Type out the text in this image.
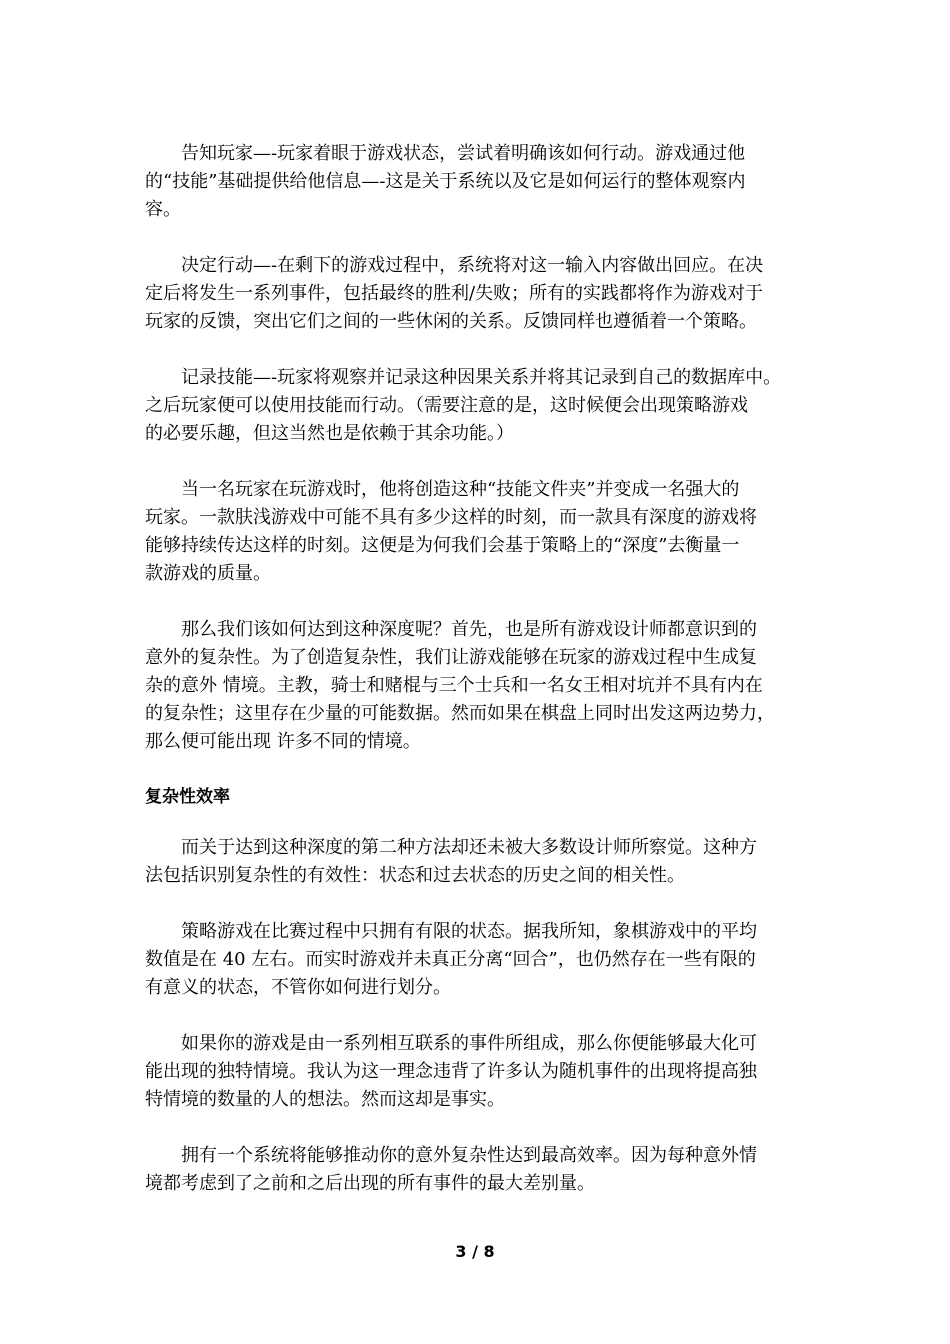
告知玩家—-玩家着眼于游戏状态，尝试着明确该如何行动。游戏通过他
的“技能”基础提供给他信息—-这是关于系统以及它是如何运行的整体观察内
容。
决定行动—-在剩下的游戏过程中，系统将对这一输入内容做出回应。在决
定后将发生一系列事件，包括最终的胜利/失败；所有的实践都将作为游戏对于
玩家的反馈，突出它们之间的一些休闲的关系。反馈同样也遵循着一个策略。
记录技能—-玩家将观察并记录这种因果关系并将其记录到自己的数据库中。
之后玩家便可以使用技能而行动。（需要注意的是，这时候便会出现策略游戏
的必要乐趣，但这当然也是依赖于其余功能。）
当一名玩家在玩游戏时，他将创造这种“技能文件夹”并变成一名强大的
玩家。一款肤浅游戏中可能不具有多少这样的时刻，而一款具有深度的游戏将
能够持续传达这样的时刻。这便是为何我们会基于策略上的“深度”去衡量一
款游戏的质量。
那么我们该如何达到这种深度呢？首先，也是所有游戏设计师都意识到的
意外的复杂性。为了创造复杂性，我们让游戏能够在玩家的游戏过程中生成复
杂的意外 情境。主教，骑士和赌棍与三个士兵和一名女王相对坑并不具有内在
的复杂性；这里存在少量的可能数据。然而如果在棋盘上同时出发这两边势力，
那么便可能出现 许多不同的情境。
复杂性效率
而关于达到这种深度的第二种方法却还未被大多数设计师所察觉。这种方
法包括识别复杂性的有效性：状态和过去状态的历史之间的相关性。
策略游戏在比赛过程中只拥有有限的状态。据我所知，象棋游戏中的平均
数值是在 40 左右。而实时游戏并未真正分离“回合”，也仍然存在一些有限的
有意义的状态，不管你如何进行划分。
如果你的游戏是由一系列相互联系的事件所组成，那么你便能够最大化可
能出现的独特情境。我认为这一理念违背了许多认为随机事件的出现将提高独
特情境的数量的人的想法。然而这却是事实。
拥有一个系统将能够推动你的意外复杂性达到最高效率。因为每种意外情
境都考虑到了之前和之后出现的所有事件的最大差别量。
3 / 8
